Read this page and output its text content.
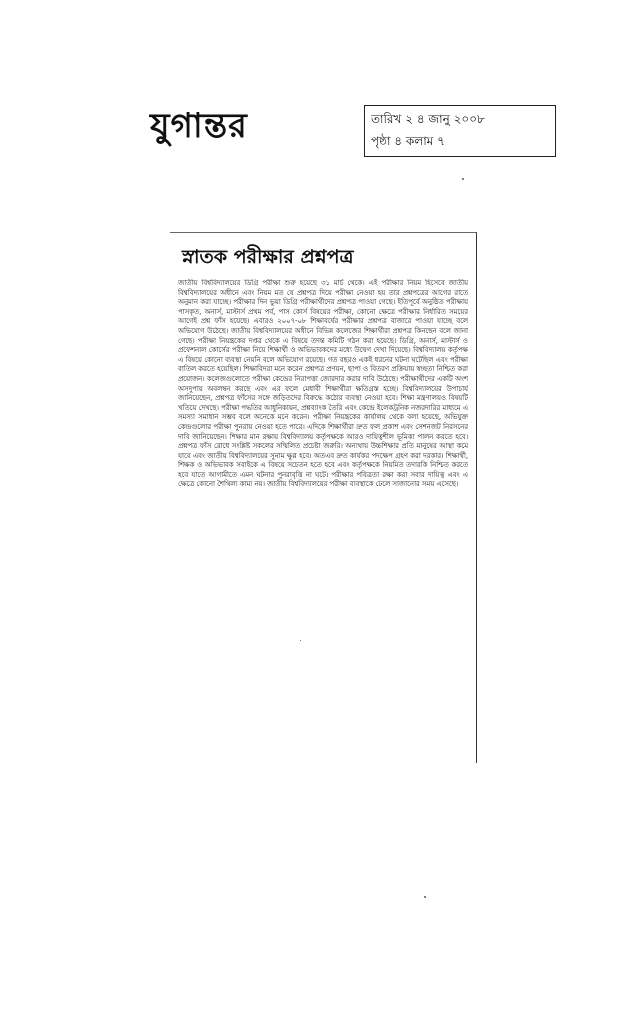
যুগান্তর	তারিখ ২ ৪ জানু ২০০৮
পৃষ্ঠা ৪ কলাম ৭
স্নাতক পরীক্ষার প্রশ্নপত্র
জাতীয় বিশ্ববিদ্যালয়ের ডিগ্রি পরীক্ষা শুরু হয়েছে ৩১ মার্চ থেকে। এই পরীক্ষার নিয়ম হিসেবে জাতীয় বিশ্ববিদ্যালয়ের অধীনে এবং নিয়ম মত যে প্রশ্নপত্র দিয়ে পরীক্ষা নেওয়া হয় তার প্রশ্নপত্রের আগের রাতে অনুমান করা যাচ্ছে। পরীক্ষার দিন ভুয়া ডিগ্রি পরীক্ষার্থীদের প্রশ্নপত্র পাওয়া গেছে। ইতিপূর্বে অনুষ্ঠিত পরীক্ষায় পাসকৃত, অনার্স, মাস্টার্স প্রথম পর্ব, পাস কোর্স বিষয়ের পরীক্ষা, কোনো ক্ষেত্রে পরীক্ষার নির্ধারিত সময়ের আগেই প্রশ্ন ফাঁস হয়েছে। এবারও ২০০৭-০৮ শিক্ষাবর্ষের পরীক্ষার প্রশ্নপত্র বাজারে পাওয়া যাচ্ছে বলে অভিযোগ উঠেছে। জাতীয় বিশ্ববিদ্যালয়ের অধীনে বিভিন্ন কলেজের শিক্ষার্থীরা প্রশ্নপত্র কিনছেন বলে জানা গেছে। পরীক্ষা নিয়ন্ত্রকের দপ্তর থেকে এ বিষয়ে তদন্ত কমিটি গঠন করা হয়েছে। ডিগ্রি, অনার্স, মাস্টার্স ও প্রফেশনাল কোর্সের পরীক্ষা নিয়ে শিক্ষার্থী ও অভিভাবকদের মধ্যে উদ্বেগ দেখা দিয়েছে। বিশ্ববিদ্যালয় কর্তৃপক্ষ এ বিষয়ে কোনো ব্যবস্থা নেয়নি বলে অভিযোগ রয়েছে। গত বছরও একই ধরনের ঘটনা ঘটেছিল এবং পরীক্ষা বাতিল করতে হয়েছিল। শিক্ষাবিদরা মনে করেন প্রশ্নপত্র প্রণয়ন, ছাপা ও বিতরণ প্রক্রিয়ায় স্বচ্ছতা নিশ্চিত করা প্রয়োজন। কলেজগুলোতে পরীক্ষা কেন্দ্রের নিরাপত্তা জোরদার করার দাবি উঠেছে। পরীক্ষার্থীদের একটি অংশ অসদুপায় অবলম্বন করছে এবং এর ফলে মেধাবী শিক্ষার্থীরা ক্ষতিগ্রস্ত হচ্ছে। বিশ্ববিদ্যালয়ের উপাচার্য জানিয়েছেন, প্রশ্নপত্র ফাঁসের সঙ্গে জড়িতদের বিরুদ্ধে কঠোর ব্যবস্থা নেওয়া হবে। শিক্ষা মন্ত্রণালয়ও বিষয়টি খতিয়ে দেখছে। পরীক্ষা পদ্ধতির আধুনিকায়ন, প্রশ্নব্যাংক তৈরি এবং কেন্দ্রে ইলেকট্রনিক নজরদারির মাধ্যমে এ সমস্যা সমাধান সম্ভব বলে অনেকে মনে করেন। পরীক্ষা নিয়ন্ত্রকের কার্যালয় থেকে বলা হয়েছে, অভিযুক্ত কেন্দ্রগুলোর পরীক্ষা পুনরায় নেওয়া হতে পারে। এদিকে শিক্ষার্থীরা দ্রুত ফল প্রকাশ এবং সেশনজট নিরসনের দাবি জানিয়েছেন। শিক্ষার মান রক্ষায় বিশ্ববিদ্যালয় কর্তৃপক্ষকে আরও দায়িত্বশীল ভূমিকা পালন করতে হবে। প্রশ্নপত্র ফাঁস রোধে সংশ্লিষ্ট সকলের সম্মিলিত প্রচেষ্টা জরুরি। অন্যথায় উচ্চশিক্ষার প্রতি মানুষের আস্থা কমে যাবে এবং জাতীয় বিশ্ববিদ্যালয়ের সুনাম ক্ষুণ্ণ হবে। অতএব দ্রুত কার্যকর পদক্ষেপ গ্রহণ করা দরকার। শিক্ষার্থী, শিক্ষক ও অভিভাবক সবাইকে এ বিষয়ে সচেতন হতে হবে এবং কর্তৃপক্ষকে নিয়মিত তদারকি নিশ্চিত করতে হবে যাতে আগামীতে এমন ঘটনার পুনরাবৃত্তি না ঘটে। পরীক্ষার পবিত্রতা রক্ষা করা সবার দায়িত্ব এবং এ ক্ষেত্রে কোনো শৈথিল্য কাম্য নয়। জাতীয় বিশ্ববিদ্যালয়ের পরীক্ষা ব্যবস্থাকে ঢেলে সাজানোর সময় এসেছে।
